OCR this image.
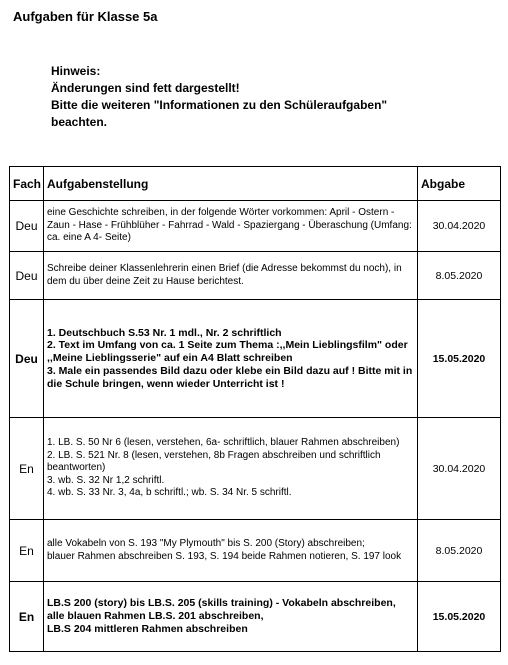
Aufgaben für Klasse 5a
Hinweis:
Änderungen sind fett dargestellt!
Bitte die weiteren "Informationen zu den Schüleraufgaben"
beachten.
Fach	Aufgabenstellung	Abgabe
Deu	eine Geschichte schreiben, in der folgende Wörter vorkommen: April - Ostern - Zaun - Hase - Frühblüher - Fahrrad - Wald - Spaziergang - Überaschung (Umfang: ca. eine A 4- Seite)	30.04.2020
Deu	Schreibe deiner Klassenlehrerin einen Brief (die Adresse bekommst du noch), in dem du über deine Zeit zu Hause berichtest.	8.05.2020
Deu	1. Deutschbuch S.53 Nr. 1 mdl., Nr. 2 schriftlich
2. Text im Umfang von ca. 1 Seite zum Thema :,,Mein Lieblingsfilm" oder ,,Meine Lieblingsserie" auf ein A4 Blatt schreiben
3. Male ein passendes Bild dazu oder klebe ein Bild dazu auf ! Bitte mit in die Schule bringen, wenn wieder Unterricht ist !	15.05.2020
En	1. LB. S. 50 Nr 6 (lesen, verstehen, 6a- schriftlich, blauer Rahmen abschreiben)
2. LB. S. 521 Nr. 8 (lesen, verstehen, 8b Fragen abschreiben und schriftlich beantworten)
3. wb. S. 32 Nr 1,2 schriftl.
4. wb. S. 33 Nr. 3, 4a, b schriftl.; wb. S. 34 Nr. 5 schriftl.	30.04.2020
En	alle Vokabeln von S. 193 "My Plymouth" bis S. 200 (Story) abschreiben;
blauer Rahmen abschreiben S. 193, S. 194 beide Rahmen notieren, S. 197 look	8.05.2020
En	LB.S 200 (story) bis LB.S. 205 (skills training) - Vokabeln abschreiben,
alle blauen Rahmen LB.S. 201 abschreiben,
LB.S 204 mittleren Rahmen abschreiben	15.05.2020
